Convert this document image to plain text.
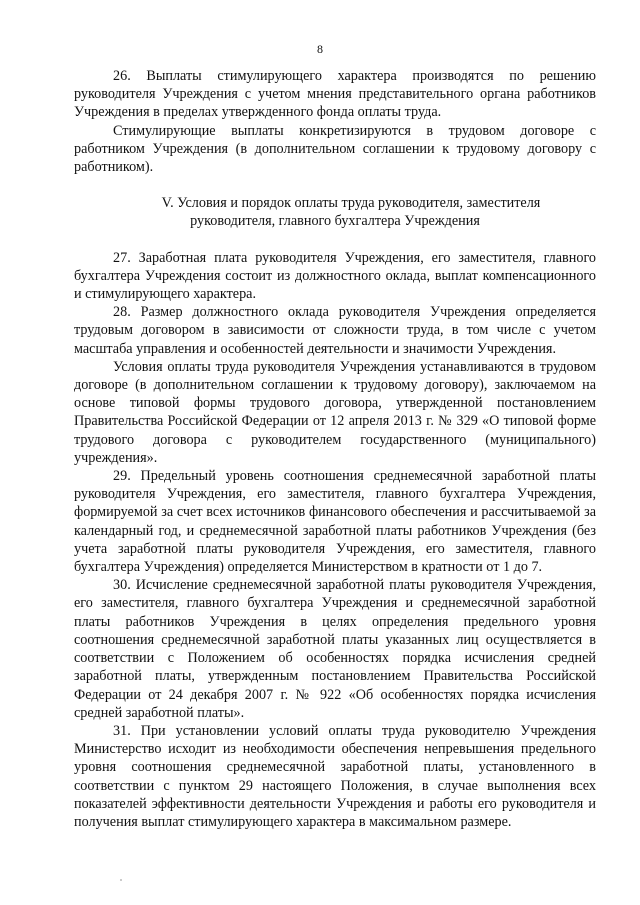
8

26. Выплаты стимулирующего характера производятся по решению руководителя Учреждения с учетом мнения представительного органа работников Учреждения в пределах утвержденного фонда оплаты труда.

Стимулирующие выплаты конкретизируются в трудовом договоре с работником Учреждения (в дополнительном соглашении к трудовому договору с работником).

V. Условия и порядок оплаты труда руководителя, заместителя
руководителя, главного бухгалтера Учреждения

27. Заработная плата руководителя Учреждения, его заместителя, главного бухгалтера Учреждения состоит из должностного оклада, выплат компенсационного и стимулирующего характера.

28. Размер должностного оклада руководителя Учреждения определяется трудовым договором в зависимости от сложности труда, в том числе с учетом масштаба управления и особенностей деятельности и значимости Учреждения.

Условия оплаты труда руководителя Учреждения устанавливаются в трудовом договоре (в дополнительном соглашении к трудовому договору), заключаемом на основе типовой формы трудового договора, утвержденной постановлением Правительства Российской Федерации от 12 апреля 2013 г. № 329 «О типовой форме трудового договора с руководителем государственного (муниципального) учреждения».

29. Предельный уровень соотношения среднемесячной заработной платы руководителя Учреждения, его заместителя, главного бухгалтера Учреждения, формируемой за счет всех источников финансового обеспечения и рассчитываемой за календарный год, и среднемесячной заработной платы работников Учреждения (без учета заработной платы руководителя Учреждения, его заместителя, главного бухгалтера Учреждения) определяется Министерством в кратности от 1 до 7.

30. Исчисление среднемесячной заработной платы руководителя Учреждения, его заместителя, главного бухгалтера Учреждения и среднемесячной заработной платы работников Учреждения в целях определения предельного уровня соотношения среднемесячной заработной платы указанных лиц осуществляется в соответствии с Положением об особенностях порядка исчисления средней заработной платы, утвержденным постановлением Правительства Российской Федерации от 24 декабря 2007 г. № 922 «Об особенностях порядка исчисления средней заработной платы».

31. При установлении условий оплаты труда руководителю Учреждения Министерство исходит из необходимости обеспечения непревышения предельного уровня соотношения среднемесячной заработной платы, установленного в соответствии с пунктом 29 настоящего Положения, в случае выполнения всех показателей эффективности деятельности Учреждения и работы его руководителя и получения выплат стимулирующего характера в максимальном размере.
